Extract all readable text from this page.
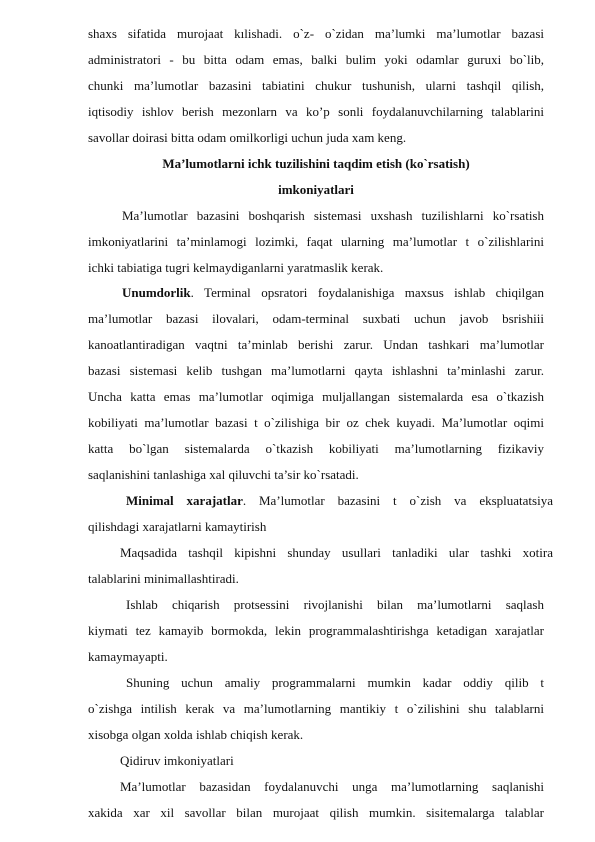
shaxs sifatida murojaat kılishadi. o`z- o`zidan ma’lumki ma’lumotlar bazasi
administratori - bu bitta odam emas, balki bulim yoki odamlar guruxi bo`lib,
chunki ma’lumotlar bazasini tabiatini chukur tushunish, ularni tashqil qilish,
iqtisodiy ishlov berish mezonlarn va ko’p sonli foydalanuvchilarning talablarini
savollar doirasi bitta odam omilkorligi uchun juda xam keng.
Ma’lumotlarni ichk tuzilishini taqdim etish (ko`rsatish)
imkoniyatlari
Ma’lumotlar bazasini boshqarish sistemasi uxshash tuzilishlarni ko`rsatish
imkoniyatlarini ta’minlamogi lozimki, faqat ularning ma’lumotlar t o`zilishlarini
ichki tabiatiga tugri kelmaydiganlarni yaratmaslik kerak.
Unumdorlik. Terminal opsratori foydalanishiga maxsus ishlab chiqilgan
ma’lumotlar bazasi ilovalari, odam-terminal suxbati uchun javob bsrishiii
kanoatlantiradigan vaqtni ta’minlab berishi zarur. Undan tashkari ma’lumotlar
bazasi sistemasi kelib tushgan ma’lumotlarni qayta ishlashni ta’minlashi zarur.
Uncha katta emas ma’lumotlar oqimiga muljallangan sistemalarda esa o`tkazish
kobiliyati ma’lumotlar bazasi t o`zilishiga bir oz chek kuyadi. Ma’lumotlar oqimi
katta bo`lgan sistemalarda o`tkazish kobiliyati ma’lumotlarning fizikaviy
saqlanishini tanlashiga xal qiluvchi ta’sir ko`rsatadi.
Minimal xarajatlar. Ma’lumotlar bazasini t o`zish va ekspluatatsiya
qilishdagi xarajatlarni kamaytirish
Maqsadida tashqil kipishni shunday usullari tanladiki ular tashki xotira
talablarini minimallashtiradi.
Ishlab chiqarish protsessini rivojlanishi bilan ma’lumotlarni saqlash
kiymati tez kamayib bormokda, lekin programmalashtirishga ketadigan xarajatlar
kamaymayapti.
Shuning uchun amaliy programmalarni mumkin kadar oddiy qilib t
o`zishga intilish kerak va ma’lumotlarning mantikiy t o`zilishini shu talablarni
xisobga olgan xolda ishlab chiqish kerak.
Qidiruv imkoniyatlari
Ma’lumotlar bazasidan foydalanuvchi unga ma’lumotlarning saqlanishi
xakida xar xil savollar bilan murojaat qilish mumkin. sisitemalarga talablar
